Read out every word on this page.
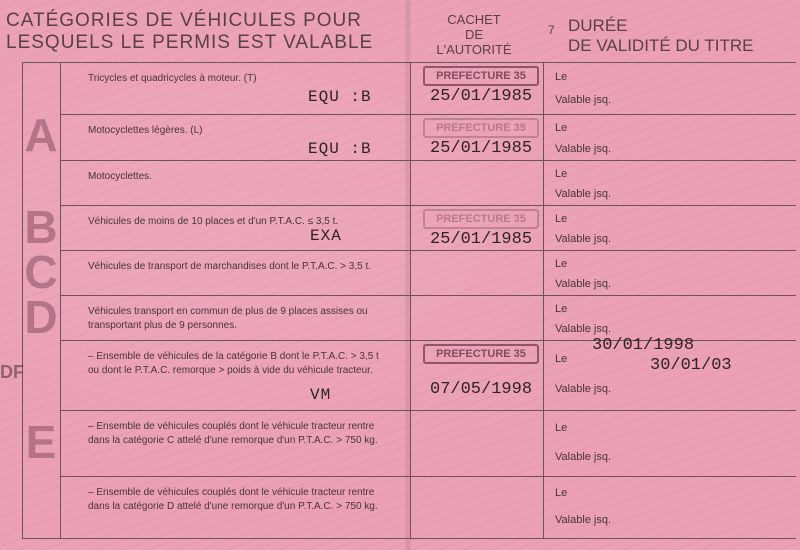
CATÉGORIES DE VÉHICULES POUR
LESQUELS LE PERMIS EST VALABLE
CACHET
DE
L'AUTORITÉ
7 DURÉE
DE VALIDITÉ DU TITRE
Tricycles et quadricycles à moteur. (T)
EQU :B
PREFECTURE 35
25/01/1985
Le
Valable jsq.
Motocyclettes légères. (L)
EQU :B
PREFECTURE 35
25/01/1985
Le
Valable jsq.
Motocyclettes.	Le
Valable jsq.
Véhicules de moins de 10 places et d'un P.T.A.C. ≤ 3,5 t.
EXA
PREFECTURE 35
25/01/1985
Le
Valable jsq.
Véhicules de transport de marchandises dont le P.T.A.C. > 3,5 t.	Le
Valable jsq.
Véhicules transport en commun de plus de 9 places assises ou transportant plus de 9 personnes.
Le
Valable jsq.
– Ensemble de véhicules de la catégorie B dont le P.T.A.C. > 3,5 t ou dont le P.T.A.C. remorque > poids à vide du véhicule tracteur.
VM
PREFECTURE 35
07/05/1998
Le
Valable jsq.
30/01/1998
30/01/03
– Ensemble de véhicules couplés dont le véhicule tracteur rentre dans la catégorie C attelé d'une remorque d'un P.T.A.C. > 750 kg.
Le
Valable jsq.
– Ensemble de véhicules couplés dont le véhicule tracteur rentre dans la catégorie D attelé d'une remorque d'un P.T.A.C. > 750 kg.
Le
Valable jsq.
A
B
C
D
E
DF
